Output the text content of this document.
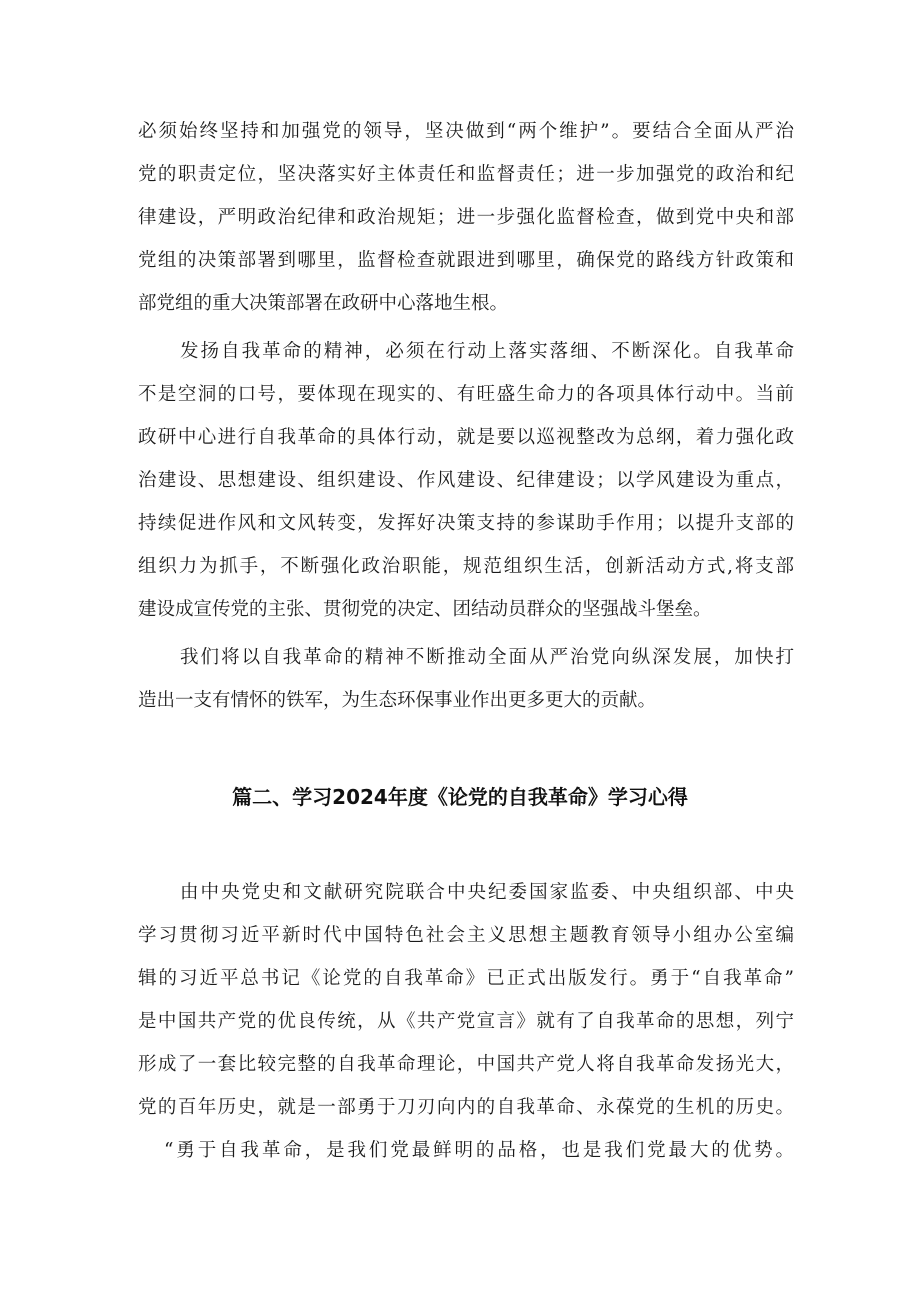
必须始终坚持和加强党的领导，坚决做到“两个维护”。要结合全面从严治
党的职责定位，坚决落实好主体责任和监督责任；进一步加强党的政治和纪
律建设，严明政治纪律和政治规矩；进一步强化监督检查，做到党中央和部
党组的决策部署到哪里，监督检查就跟进到哪里，确保党的路线方针政策和
部党组的重大决策部署在政研中心落地生根。
发扬自我革命的精神，必须在行动上落实落细、不断深化。自我革命
不是空洞的口号，要体现在现实的、有旺盛生命力的各项具体行动中。当前
政研中心进行自我革命的具体行动，就是要以巡视整改为总纲，着力强化政
治建设、思想建设、组织建设、作风建设、纪律建设；以学风建设为重点，
持续促进作风和文风转变，发挥好决策支持的参谋助手作用；以提升支部的
组织力为抓手，不断强化政治职能，规范组织生活，创新活动方式,将支部
建设成宣传党的主张、贯彻党的决定、团结动员群众的坚强战斗堡垒。
我们将以自我革命的精神不断推动全面从严治党向纵深发展，加快打
造出一支有情怀的铁军，为生态环保事业作出更多更大的贡献。
篇二、学习2024年度《论党的自我革命》学习心得
由中央党史和文献研究院联合中央纪委国家监委、中央组织部、中央
学习贯彻习近平新时代中国特色社会主义思想主题教育领导小组办公室编
辑的习近平总书记《论党的自我革命》已正式出版发行。勇于“自我革命”
是中国共产党的优良传统，从《共产党宣言》就有了自我革命的思想，列宁
形成了一套比较完整的自我革命理论，中国共产党人将自我革命发扬光大，
党的百年历史，就是一部勇于刀刃向内的自我革命、永葆党的生机的历史。
“勇于自我革命，是我们党最鲜明的品格，也是我们党最大的优势。
